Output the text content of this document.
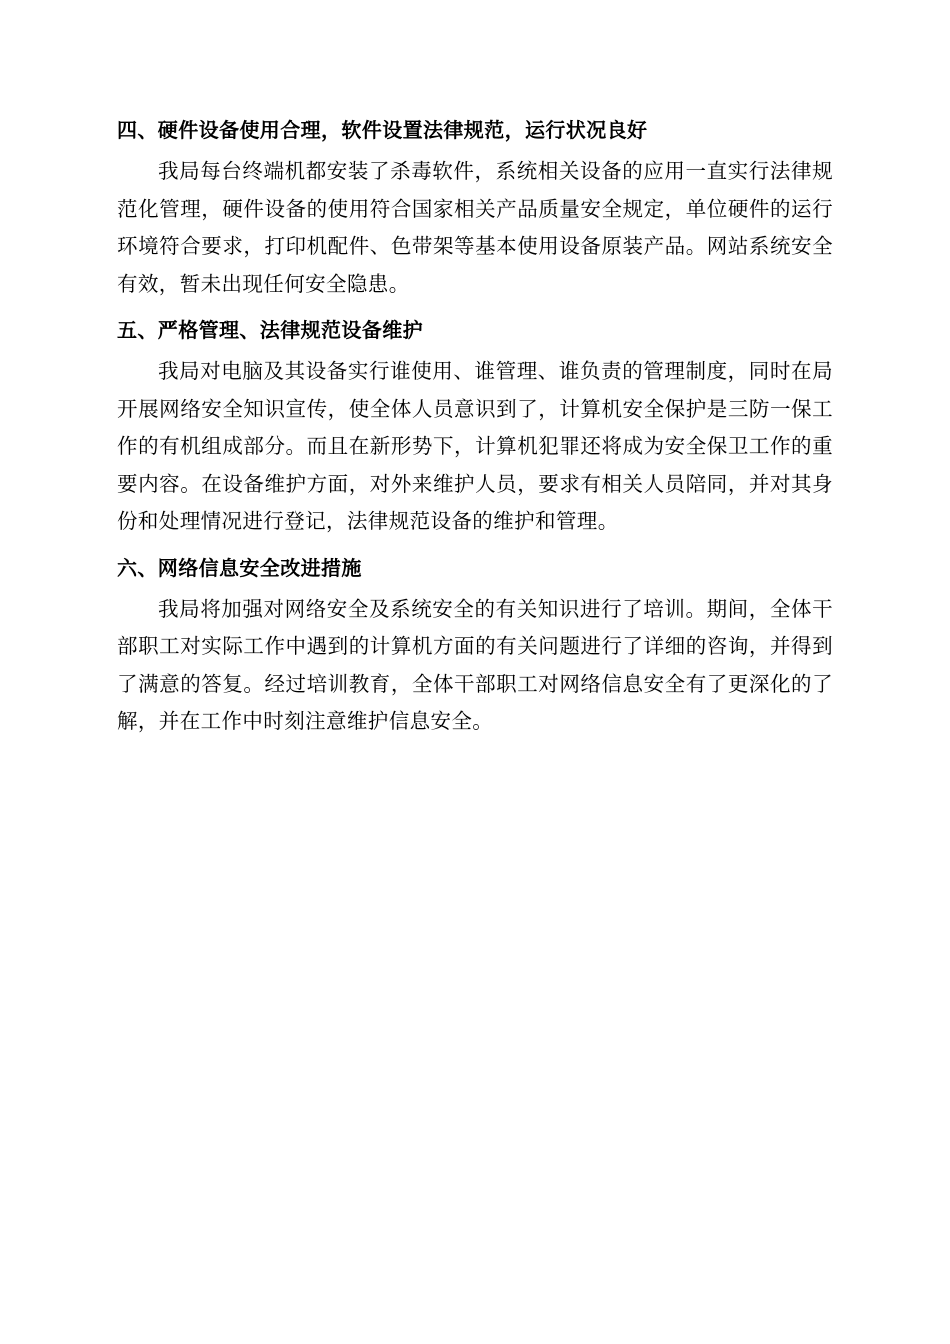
四、硬件设备使用合理，软件设置法律规范，运行状况良好

我局每台终端机都安装了杀毒软件，系统相关设备的应用一直实行法律规范化管理，硬件设备的使用符合国家相关产品质量安全规定，单位硬件的运行环境符合要求，打印机配件、色带架等基本使用设备原装产品。网站系统安全有效，暂未出现任何安全隐患。

五、严格管理、法律规范设备维护

我局对电脑及其设备实行谁使用、谁管理、谁负责的管理制度，同时在局开展网络安全知识宣传，使全体人员意识到了，计算机安全保护是三防一保工作的有机组成部分。而且在新形势下，计算机犯罪还将成为安全保卫工作的重要内容。在设备维护方面，对外来维护人员，要求有相关人员陪同，并对其身份和处理情况进行登记，法律规范设备的维护和管理。

六、网络信息安全改进措施

我局将加强对网络安全及系统安全的有关知识进行了培训。期间，全体干部职工对实际工作中遇到的计算机方面的有关问题进行了详细的咨询，并得到了满意的答复。经过培训教育，全体干部职工对网络信息安全有了更深化的了解，并在工作中时刻注意维护信息安全。
